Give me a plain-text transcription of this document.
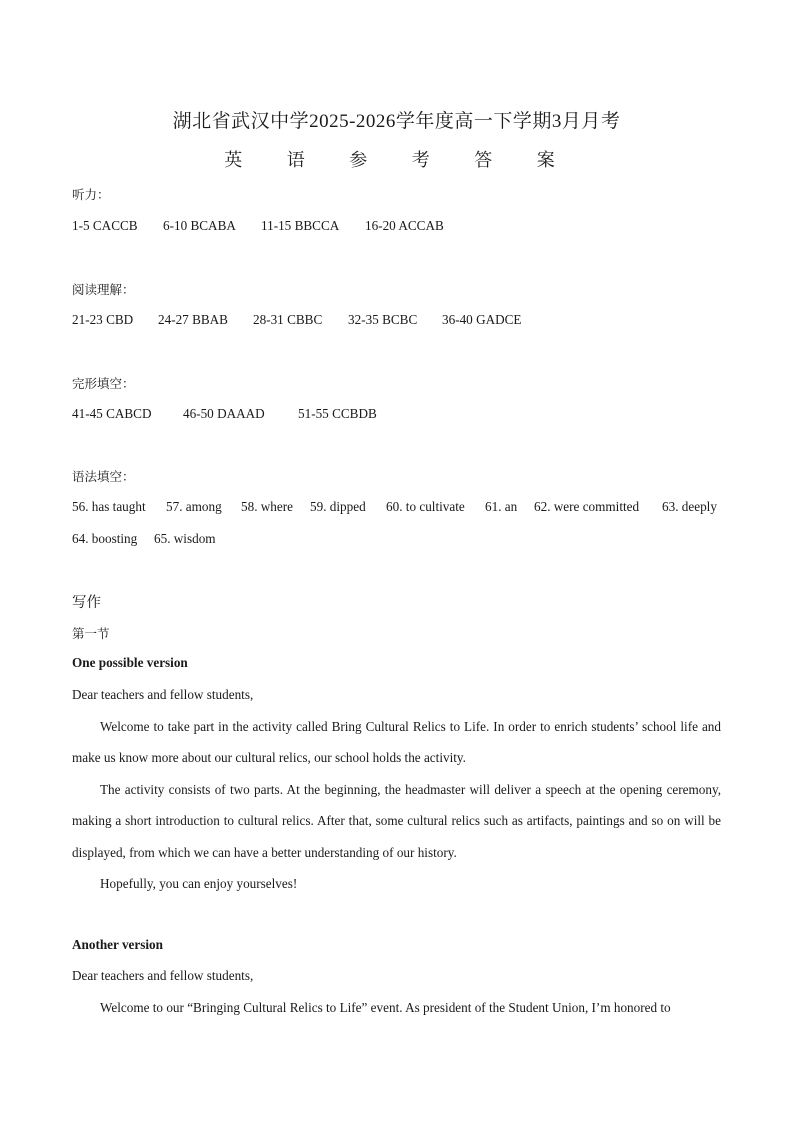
湖北省武汉中学2025-2026学年度高一下学期3月月考
英 语 参 考 答 案
听力：
1-5 CACCB 6-10 BCABA 11-15 BBCCA 16-20 ACCAB
阅读理解：
21-23 CBD 24-27 BBAB 28-31 CBBC 32-35 BCBC 36-40 GADCE
完形填空：
41-45 CABCD 46-50 DAAAD	51-55 CCBDB
语法填空：
56. has taught 57. among 58. where 59. dipped 60. to cultivate 61. an 62. were committed 63. deeply
64. boosting 65. wisdom
写作
第一节
One possible version
Dear teachers and fellow students,
Welcome to take part in the activity called Bring Cultural Relics to Life. In order to enrich students’ school life and make us know more about our cultural relics, our school holds the activity.
The activity consists of two parts. At the beginning, the headmaster will deliver a speech at the opening ceremony, making a short introduction to cultural relics. After that, some cultural relics such as artifacts, paintings and so on will be displayed, from which we can have a better understanding of our history.
Hopefully, you can enjoy yourselves!
Another version
Dear teachers and fellow students,
Welcome to our “Bringing Cultural Relics to Life” event. As president of the Student Union, I’m honored to
